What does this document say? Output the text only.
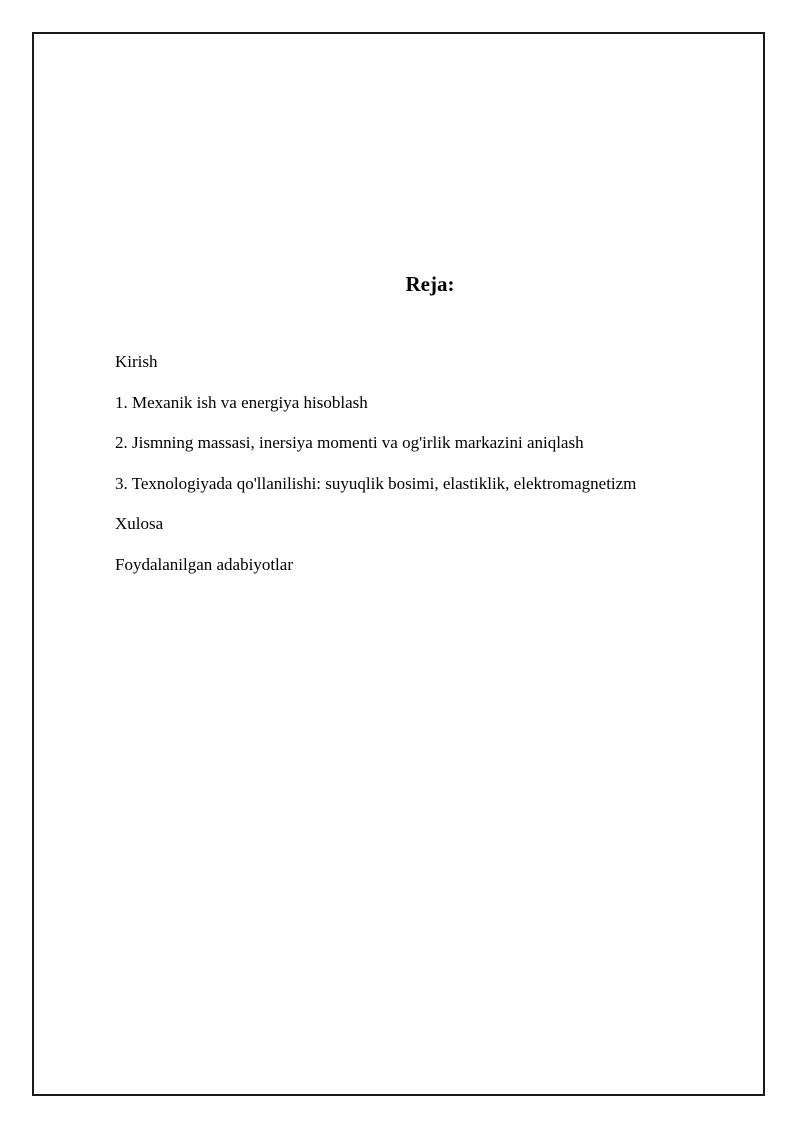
Reja:
Kirish
1. Mexanik ish va energiya hisoblash
2. Jismning massasi, inersiya momenti va og'irlik markazini aniqlash
3. Texnologiyada qo'llanilishi: suyuqlik bosimi, elastiklik, elektromagnetizm
Xulosa
Foydalanilgan adabiyotlar
